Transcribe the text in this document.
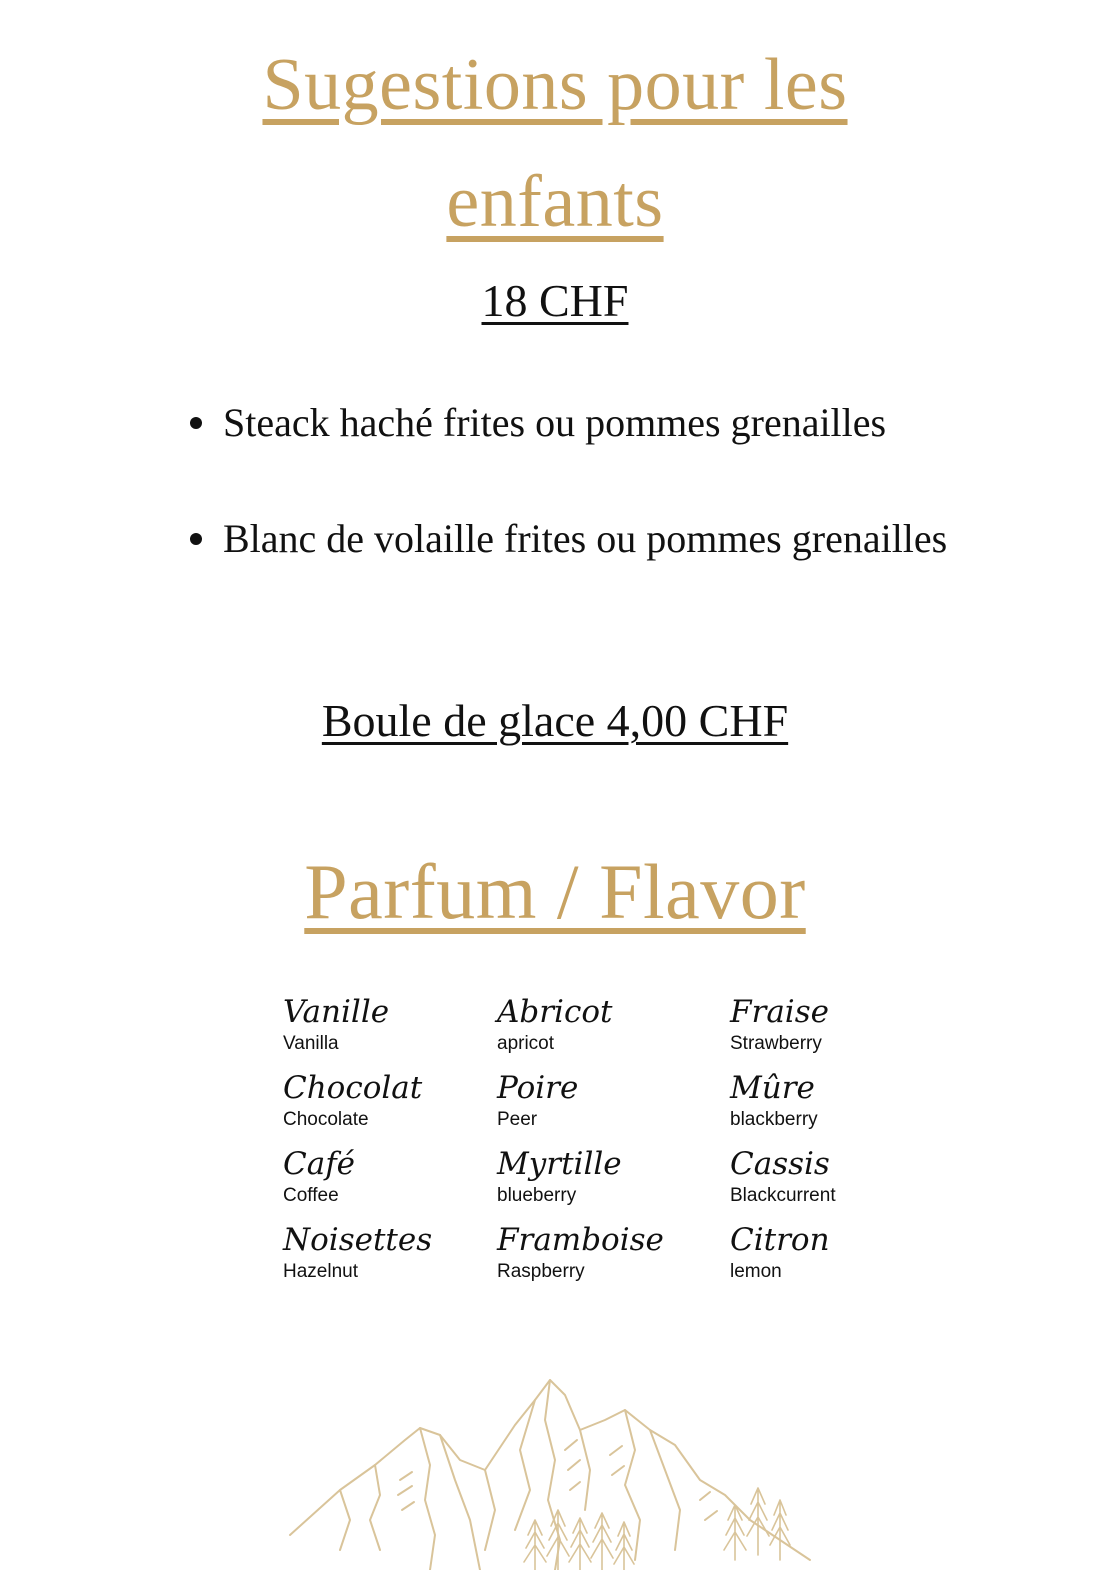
Sugestions pour les
enfants
18 CHF
Steack haché frites ou pommes grenailles
Blanc de volaille frites ou pommes grenailles
Boule de glace 4,00 CHF
Parfum / Flavor
Vanille
Vanilla
Chocolat
Chocolate
Café
Coffee
Noisettes
Hazelnut
Abricot
apricot
Poire
Peer
Myrtille
blueberry
Framboise
Raspberry
Fraise
Strawberry
Mûre
blackberry
Cassis
Blackcurrent
Citron
lemon
